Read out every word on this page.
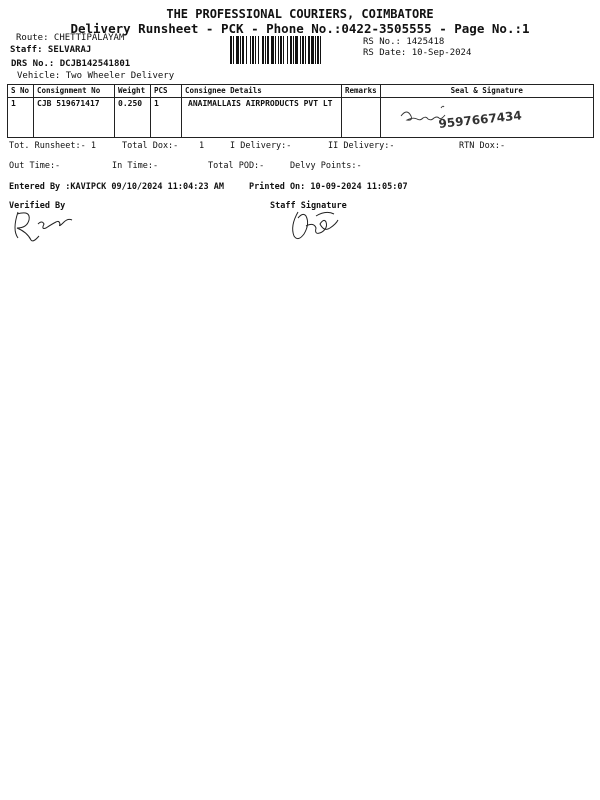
THE PROFESSIONAL COURIERS, COIMBATORE
Delivery Runsheet - PCK - Phone No.:0422-3505555 - Page No.:1
Route: CHETTIPALAYAM
Staff: SELVARAJ
DRS No.: DCJB142541801
Vehicle: Two Wheeler Delivery
RS No.: 1425418
RS Date: 10-Sep-2024
S No	Consignment No	Weight	PCS	Consignee Details	Remarks	Seal & Signature
1	CJB 519671417	0.250	1	ANAIMALLAIS AIRPRODUCTS PVT LT		9597667434
Tot. Runsheet:- 1	Total Dox:- 1	I Delivery:-	II Delivery:-	RTN Dox:-
Out Time:-	In Time:-	Total POD:-	Delvy Points:-
Entered By :KAVIPCK 09/10/2024 11:04:23 AM	Printed On: 10-09-2024 11:05:07
Verified By	Staff Signature
